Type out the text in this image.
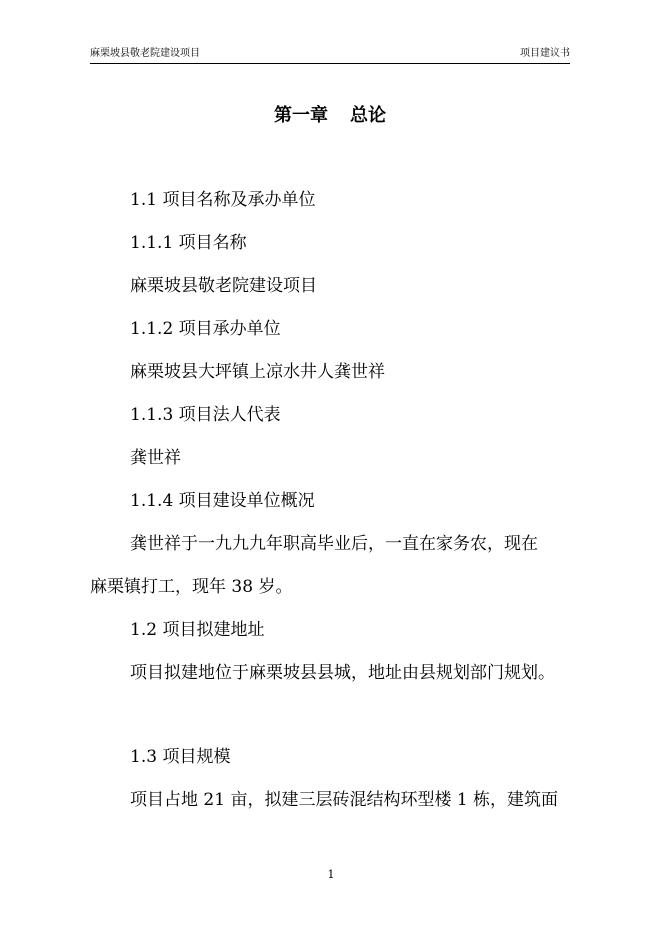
麻栗坡县敬老院建设项目	项目建议书
第一章 总论
1.1 项目名称及承办单位
1.1.1 项目名称
麻栗坡县敬老院建设项目
1.1.2 项目承办单位
麻栗坡县大坪镇上凉水井人龚世祥
1.1.3 项目法人代表
龚世祥
1.1.4 项目建设单位概况
龚世祥于一九九九年职高毕业后，一直在家务农，现在
麻栗镇打工，现年 38 岁。
1.2 项目拟建地址
项目拟建地位于麻栗坡县县城，地址由县规划部门规划。
1.3 项目规模
项目占地 21 亩，拟建三层砖混结构环型楼 1 栋，建筑面
1
